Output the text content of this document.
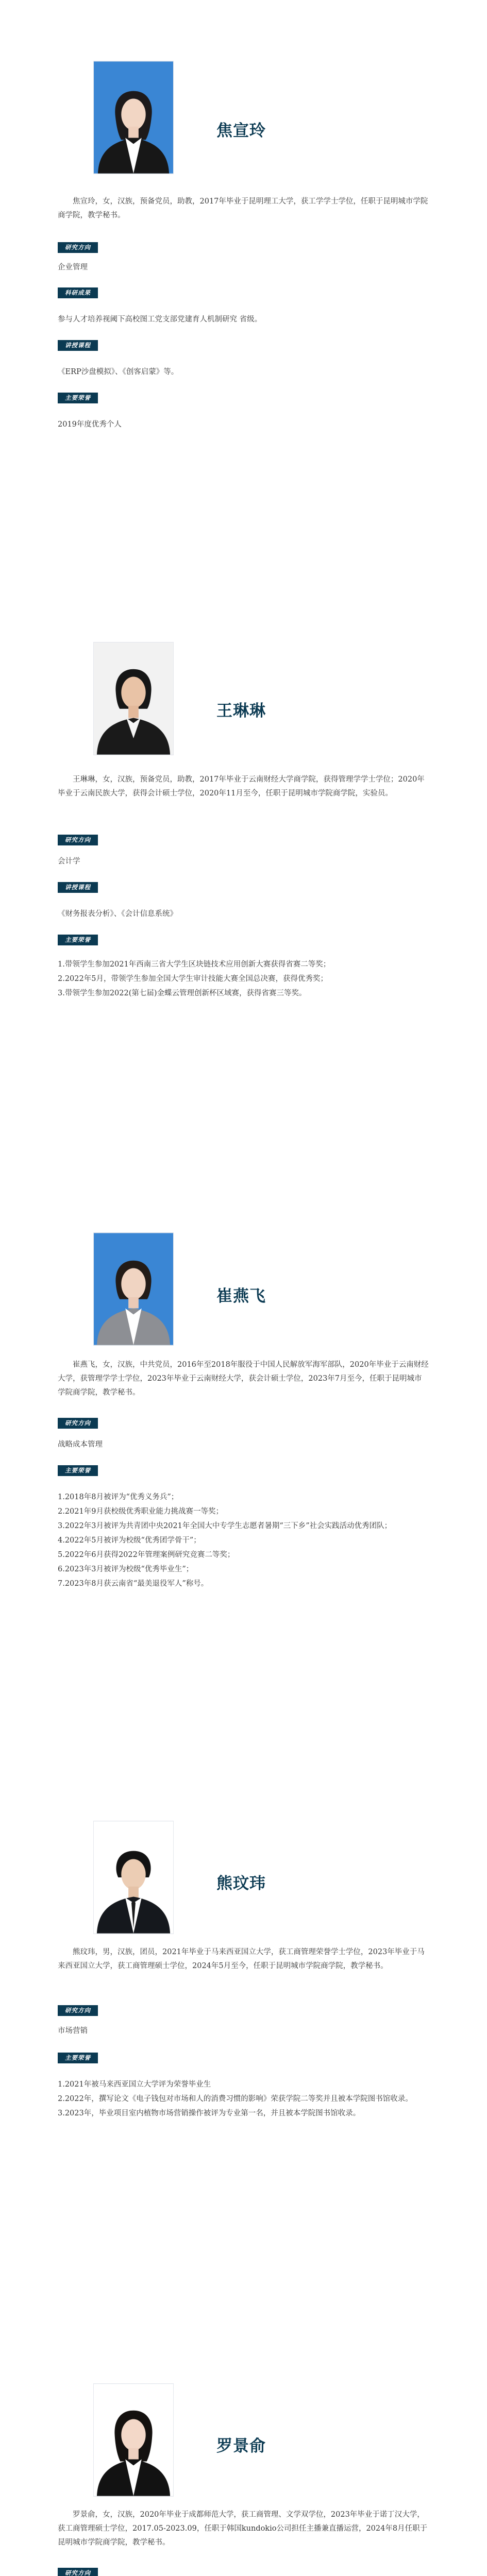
焦宣玲

焦宣玲，女，汉族，预备党员，助教，2017年毕业于昆明理工大学，获工学学士学位，任职于昆明城市学院商学院，教学秘书。

研究方向

企业管理

科研成果

参与人才培养视阈下高校图工党支部党建育人机制研究 省级。

讲授课程

《ERP沙盘模拟》、《创客启蒙》等。

主要荣誉

2019年度优秀个人

王琳琳

王琳琳，女，汉族，预备党员，助教，2017年毕业于云南财经大学商学院，获得管理学学士学位；2020年毕业于云南民族大学，获得会计硕士学位，2020年11月至今，任职于昆明城市学院商学院，实验员。

研究方向

会计学

讲授课程

《财务报表分析》、《会计信息系统》

主要荣誉
1.带领学生参加2021年西南三省大学生区块链技术应用创新大赛获得省赛二等奖；
2.2022年5月，带领学生参加全国大学生审计技能大赛全国总决赛，获得优秀奖；
3.带领学生参加2022(第七届)金蝶云管理创新杯区域赛，获得省赛三等奖。
崔燕飞

崔燕飞，女，汉族，中共党员，2016年至2018年服役于中国人民解放军海军部队，2020年毕业于云南财经大学，获管理学学士学位，2023年毕业于云南财经大学，获会计硕士学位，2023年7月至今，任职于昆明城市学院商学院，教学秘书。

研究方向

战略成本管理

主要荣誉
1.2018年8月被评为“优秀义务兵”；
2.2021年9月获校级优秀职业能力挑战赛一等奖；
3.2022年3月被评为共青团中央2021年全国大中专学生志愿者暑期“三下乡”社会实践活动优秀团队；
4.2022年5月被评为校级“优秀团学骨干”；
5.2022年6月获得2022年管理案例研究竞赛二等奖；
6.2023年3月被评为校级“优秀毕业生”；
7.2023年8月获云南省“最美退役军人”称号。
熊玟玮

熊玟玮，男，汉族，团员，2021年毕业于马来西亚国立大学，获工商管理荣誉学士学位，2023年毕业于马来西亚国立大学，获工商管理硕士学位，2024年5月至今，任职于昆明城市学院商学院，教学秘书。

研究方向

市场营销

主要荣誉
1.2021年被马来西亚国立大学评为荣誉毕业生
2.2022年，撰写论文《电子钱包对市场和人的消费习惯的影响》荣获学院二等奖并且被本学院图书馆收录。
3.2023年，毕业项目室内植物市场营销操作被评为专业第一名，并且被本学院图书馆收录。
罗景俞

罗景俞，女，汉族，2020年毕业于成都师范大学，获工商管理、文学双学位，2023年毕业于诺丁汉大学，获工商管理硕士学位，2017.05-2023.09，任职于韩国kundokio公司担任主播兼直播运营，2024年8月任职于昆明城市学院商学院，教学秘书。

研究方向
